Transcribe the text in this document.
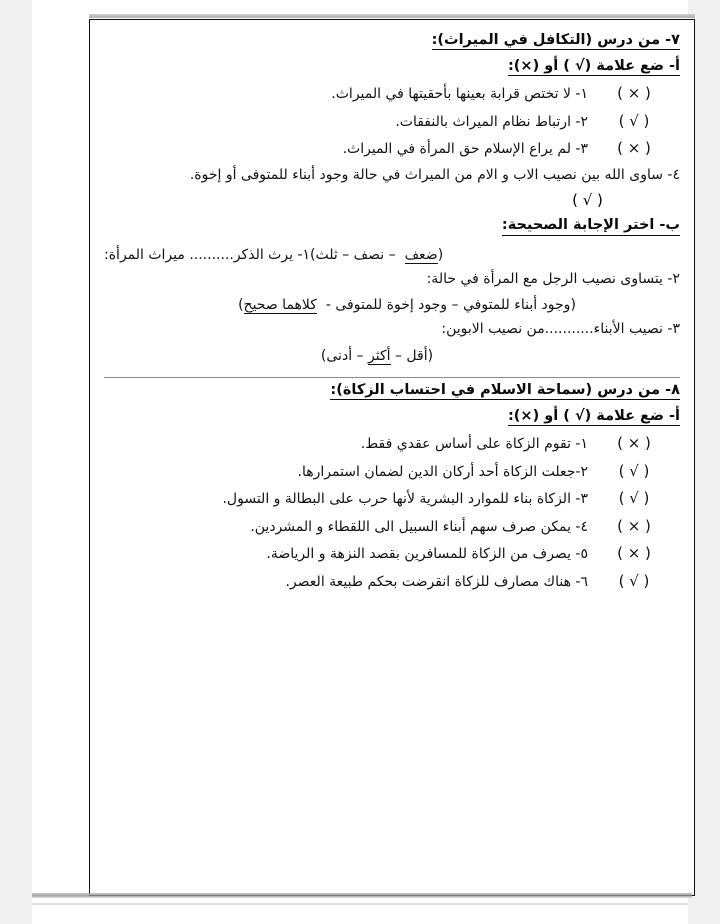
٧- من درس (التكافل في الميراث):
أ- ضع علامة (√ ) أو (×):
( × )
١- لا تختص قرابة بعينها بأحقيتها في الميراث.
( √ )
٢- ارتباط نظام الميراث بالنفقات.
( × )
٣- لم يراع الإسلام حق المرأة في الميراث.
٤- ساوى الله بين نصيب الاب و الام من الميراث في حالة وجود أبناء للمتوفى أو إخوة.
( √ )
ب- اختر الإجابة الصحيحة:
١- يرث الذكر.......... ميراث المرأة:	(ضعف  – نصف – ثلث)
٢- يتساوى نصيب الرجل مع المرأة في حالة:
(وجود أبناء للمتوفي – وجود إخوة للمتوفى -  كلاهما صحيح)
٣- نصيب الأبناء...........من نصيب الابوين:
(أقل – أكثر – أدنى)
٨- من درس (سماحة الاسلام في احتساب الزكاة):
أ- ضع علامة (√ ) أو (×):
( × )
١- تقوم الزكاة على أساس عقدي فقط.
( √ )
٢-جعلت الزكاة أحد أركان الدين لضمان استمرارها.
( √ )
٣- الزكاة بناء للموارد البشرية لأنها حرب على البطالة و التسول.
( × )
٤- يمكن صرف سهم أبناء السبيل الى اللقطاء و المشردين.
( × )
٥- يصرف من الزكاة للمسافرين بقصد النزهة و الرياضة.
( √ )
٦- هناك مصارف للزكاة انقرضت بحكم طبيعة العصر.
